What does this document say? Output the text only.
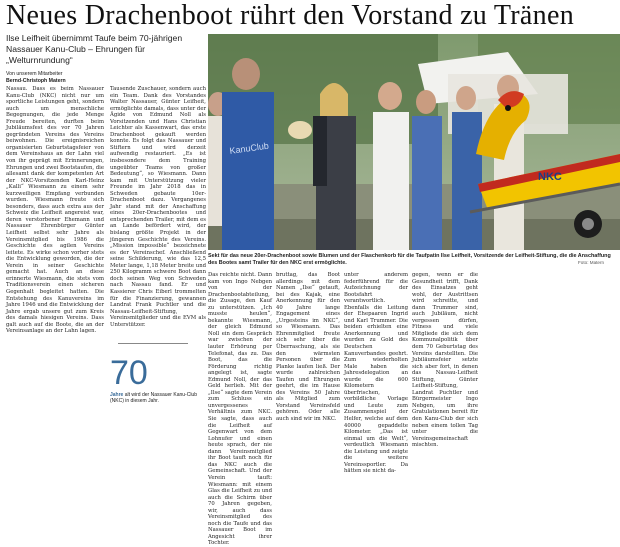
Neues Drachenboot rührt den Vorstand zu Tränen
Ilse Leifheit übernimmt Taufe beim 70-jährigen
Nassauer Kanu-Club – Ehrungen für
„Welturnrundung“
Von unserem Mitarbeiter
Bernd-Christoph Matern

Nassau. Dass es beim Nassauer Kanu-Club (NKC) nicht nur um sportliche Leistungen geht, sondern auch um menschliche Begegnungen, die jede Menge Freude bereiten, durften beim Jubiläumsfest des vor 70 Jahren gegründeten Vereins des Vereins beiwohnen. Die ereignisreichen organisierten Geburtstagsfeier von dem Vereinshaus an der Lahn viel von ihr geprägt mit Erinnerungen, Ehrungen und zwei Bootstaufen, die allesamt dank der kompetenten Art der NKC-Vorsitzenden Karl-Heinz „Kalli“ Wiesmann zu einem sehr kurzweiligen Empfang verbunden wurden. Wiesmann freute sich besonders, dass auch extra aus der Schweiz die Leifheit angereist war, deren verstorbener Ehemann und Nassauer Ehrenbürger Günter Leifheit selbst sehr Jahre als Vereinsmitglied bis 1986 die Geschichte des agilen Vereins leitete. Es wirke schon vorher stets die Entwicklung geworden, die der Verein in seiner Geschichte gemacht hat. Auch an diese erinnerte Wiesmann, die stets vom Traditionsverein einen sicheren Gegenhalt begleitet hatten. Die Entstehung des Kanuvereins im Jahre 1946 und die Entwicklung der Jahre ergab unsere gut zum Kreis des damals hiesigen Vereins. Dass galt auch auf die Boote, die an der Vereinsanlage an der Lahn lagen.

Tausende Zuschauer, sondern auch ein Team. Dank des Vorstandes Walter Nassauer, Günter Leifheit, ermöglichte damals, dass unter der Ägide von Edmund Noll als Vorsitzenden und Hans Christian Leichter als Kassenwart, das erste Drachenboot gekauft werden konnte. Es folgt das Nassauer und Stiftern und wird derzeit aufwendig restauriert. „Es ist insbesondere dem Training ungeübter Teams von großer Bedeutung“, so Wiesmann. Dann kam mit Unterstützung vieler Freunde im Jahr 2018 das in Schweden gebaute 10er-Drachenboot dazu. Vergangenes Jahr stand mit der Anschaffung eines 20er-Drachenbootes und entsprechenden Trailer, mit dem es an Lande befördert wird, der bislang größte Projekt in der jüngeren Geschichte des Vereins. „Mission impossible“ bezeichnete es der Vereinschef. Anschließend seine Schilderung, wie das 12,5 Meter lange, 1,18 Meter breite und 250 Kilogramm schwere Boot dann doch seinen Weg von Schweden nach Nassau fand. Er und Kassierer Chris Eiberl trommelten für die Finanzierung, gewannen Landrat Frank Puchtler und die Nassau-Leifheit-Stiftung, Vereinsmitglieder und die EVM als Unterstützer.

KanuClub
NKC
Sekt für das neue 20er-Drachenboot sowie Blumen und der Flaschenkorb für die Taufpatin Ilse Leifheit, Vorsitzende der Leifheit-Stiftung, die die Anschaffung des Bootes samt Trailer für den NKC erst ermöglichte.	Foto: Matern

Das reichte nicht. Dann kam von Ingo Nebgen von der Drachenbootabteilung, die Zusage, den Kauf zu unterstützen. „Ich musste heulen“, bekannte Wiesmann, der gleich Edmund Noll ein dem Gespräch war zwischen der lauter Erhörung per Telefonat, das zu. Das Boot, das die Förderung richtig angelegt ist, sagte Edmund Noll, der das Geld herlieh. Mit der „Ilse“ sagte dem Verein zum Schluss ein unvergessenes Verhältnis zum NKC. Sie sagte, dass auch die Leifheit auf Gegenwart von dem Lohnufer und einen heute sprach, der nie dann Vereinsmitglied ihr Boot tauft noch für das NKC auch die Gemeinschaft. Und der Verein tauft: Wiesmann: mit einem Glas die Leifheit zu und auch die Schirm über 70 Jahren gegeben, wir, auch dass Vereinsmitglied des noch die Taufe und das Nassauer Boot im Angesicht ihrer Tochter.

bruttag, das Boot allerdings mit dem Namen „Ilse“ getauft, bei des Kajak, eine Anerkennung für den 40 Jahre lange Engagement eines „Urgesteins im NKC“, so Wiesmann. Das Ehrenmitglied freute sich sehr über die Überraschung, als sie den wärmsten Personen über die Planke laufen ließ. Der wurde zahlreichen Taufen und Ehrungen geehrt, die im Hause des Vereins 50 Jahre als Mitglied zum Vorstand Vereinsfeld gehören. Oder alle auch sind wir im NKC.

unter anderem federführend für die Aufzeichnung der Bootsfahrt verantwortlich. Ebenfalls die Leitung der Ehepaaren Ingrid und Karl Trummer. Die beiden erhielten eine Anerkennung und wurden zu Gold des Deutschen Kanuverbandes geehrt. Zum wiederholten Male haben die Jahresdelegation an wurde die 600 Kilometern überfrischen, vorbildliche Vorlage und Leute zum Zusammenspiel der Helfer, welche auf dem 40000 gepaddelte Kilometer. „Das ist einmal um die Welt“, verdeutlich Wiesmann die Leistung und zeigte die weitere Vereinssportler. Da hätten sie nicht da-

gegen, wenn er die Gesundheit trifft, Dank des Einsatzes geht wohl, der Austrittsen wird schreitte, und dann Trummer sind, auch Jubiläum, nicht vergessen dürfen, Fitness und viele Mitgliede die sich dem Kommunalpolitik über dem 70 Geburtstag des Vereins darstellten. Die Jubiläumsfeier setzte sich aber fort, in denen das Nassau-Leifheit Stiftung, Günter Leifheit-Stiftung, Landrat Puchtler und Bürgermeister Ingo Nebgen, um ihre Gratulationen bereit für den Kanu-Club der sich neben einem tollen Tag unter die Vereinsgemeinschaft mischten.

70
Jahre alt wird der Nassauer Kanu-Club (NKC) in diesem Jahr.
